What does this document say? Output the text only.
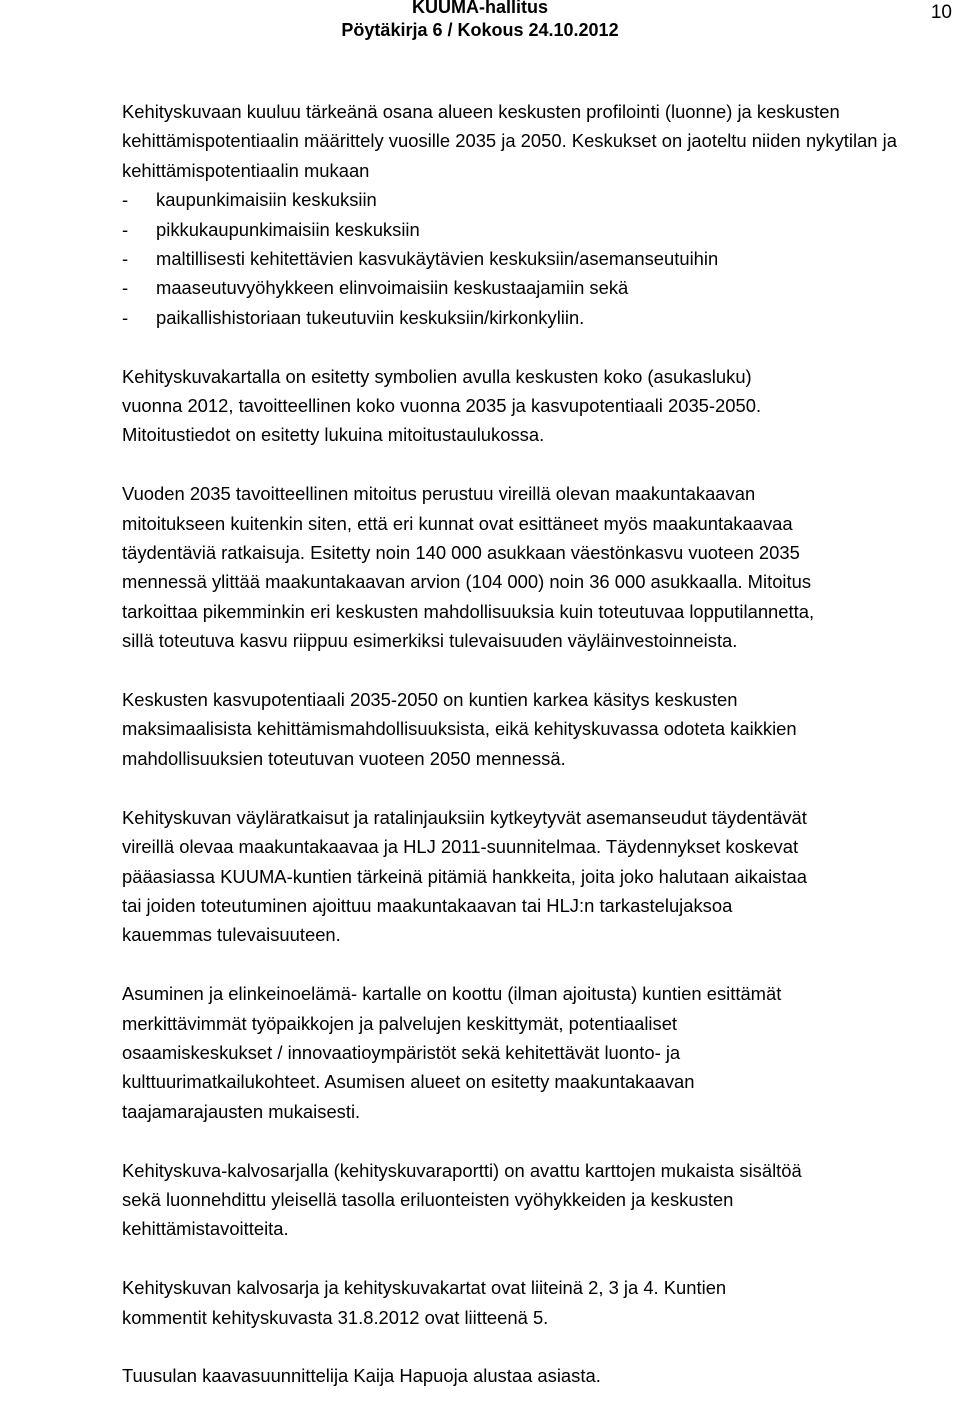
KUUMA-hallitus
Pöytäkirja 6 / Kokous 24.10.2012
10
Kehityskuvaan kuuluu tärkeänä osana alueen keskusten profilointi (luonne) ja keskusten kehittämispotentiaalin määrittely vuosille 2035 ja 2050. Keskukset on jaoteltu niiden nykytilan ja kehittämispotentiaalin mukaan
- kaupunkimaisiin keskuksiin
- pikkukaupunkimaisiin keskuksiin
- maltillisesti kehitettävien kasvukäytävien keskuksiin/asemanseutuihin
- maaseutuvyöhykkeen elinvoimaisiin keskustaajamiin sekä
- paikallishistoriaan tukeutuviin keskuksiin/kirkonkyliin.

Kehityskuvakartalla on esitetty symbolien avulla keskusten koko (asukasluku)
vuonna 2012, tavoitteellinen koko vuonna 2035 ja kasvupotentiaali 2035-2050.
Mitoitustiedot on esitetty lukuina mitoitustaulukossa.

Vuoden 2035 tavoitteellinen mitoitus perustuu vireillä olevan maakuntakaavan
mitoitukseen kuitenkin siten, että eri kunnat ovat esittäneet myös maakuntakaavaa
täydentäviä ratkaisuja. Esitetty noin 140 000 asukkaan väestönkasvu vuoteen 2035
mennessä ylittää maakuntakaavan arvion (104 000) noin 36 000 asukkaalla. Mitoitus
tarkoittaa pikemminkin eri keskusten mahdollisuuksia kuin toteutuvaa lopputilannetta,
sillä toteutuva kasvu riippuu esimerkiksi tulevaisuuden väyläinvestoinneista.

Keskusten kasvupotentiaali 2035-2050 on kuntien karkea käsitys keskusten
maksimaalisista kehittämismahdollisuuksista, eikä kehityskuvassa odoteta kaikkien
mahdollisuuksien toteutuvan vuoteen 2050 mennessä.

Kehityskuvan väyläratkaisut ja ratalinjauksiin kytkeytyvät asemanseudut täydentävät
vireillä olevaa maakuntakaavaa ja HLJ 2011-suunnitelmaa. Täydennykset koskevat
pääasiassa KUUMA-kuntien tärkeinä pitämiä hankkeita, joita joko halutaan aikaistaa
tai joiden toteutuminen ajoittuu maakuntakaavan tai HLJ:n tarkastelujaksoa
kauemmas tulevaisuuteen.

Asuminen ja elinkeinoelämä- kartalle on koottu (ilman ajoitusta) kuntien esittämät
merkittävimmät työpaikkojen ja palvelujen keskittymät, potentiaaliset
osaamiskeskukset / innovaatioympäristöt sekä kehitettävät luonto- ja
kulttuurimatkailukohteet. Asumisen alueet on esitetty maakuntakaavan
taajamarajausten mukaisesti.

Kehityskuva-kalvosarjalla (kehityskuvaraportti) on avattu karttojen mukaista sisältöä
sekä luonnehdittu yleisellä tasolla eriluonteisten vyöhykkeiden ja keskusten
kehittämistavoitteita.

Kehityskuvan kalvosarja ja kehityskuvakartat ovat liiteinä 2, 3 ja 4. Kuntien
kommentit kehityskuvasta 31.8.2012 ovat liitteenä 5.

Tuusulan kaavasuunnittelija Kaija Hapuoja alustaa asiasta.
